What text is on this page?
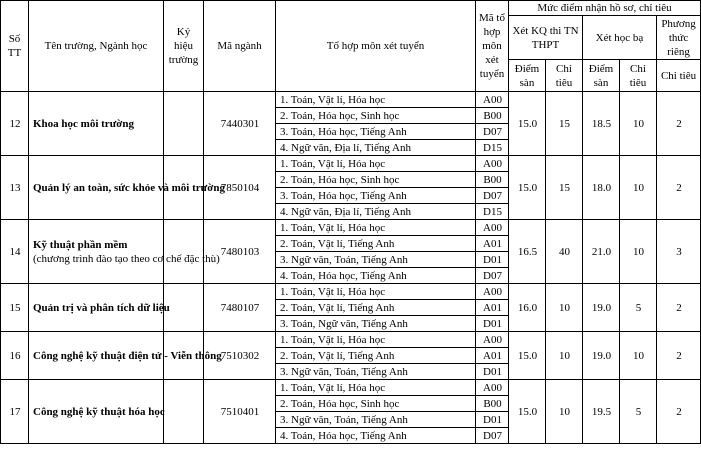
Số TT	Tên trường, Ngành học	Ký hiệu trường	Mã ngành	Tổ hợp môn xét tuyển	Mã tổ hợp môn xét tuyển	Mức điểm nhận hồ sơ, chỉ tiêu				
						Xét KQ thi TN THPT		Xét học bạ		Phương thức riêng
						Điểm sàn	Chỉ tiêu	Điểm sàn	Chỉ tiêu	Chỉ tiêu
12	Khoa học môi trường		7440301	1. Toán, Vật lí, Hóa học	A00	15.0	15	18.5	10	2
				2. Toán, Hóa học, Sinh học	B00					
				3. Toán, Hóa học, Tiếng Anh	D07					
				4. Ngữ văn, Địa lí, Tiếng Anh	D15					
13	Quản lý an toàn, sức khỏe và môi trường		7850104	1. Toán, Vật lí, Hóa học	A00	15.0	15	18.0	10	2
				2. Toán, Hóa học, Sinh học	B00					
				3. Toán, Hóa học, Tiếng Anh	D07					
				4. Ngữ văn, Địa lí, Tiếng Anh	D15					
14	Kỹ thuật phần mềm
(chương trình đào tạo theo cơ chế đặc thù)		7480103	1. Toán, Vật lí, Hóa học	A00	16.5	40	21.0	10	3
				2. Toán, Vật lí, Tiếng Anh	A01					
				3. Ngữ văn, Toán, Tiếng Anh	D01					
				4. Toán, Hóa học, Tiếng Anh	D07					
15	Quản trị và phân tích dữ liệu		7480107	1. Toán, Vật lí, Hóa học	A00	16.0	10	19.0	5	2
				2. Toán, Vật lí, Tiếng Anh	A01					
				3. Toán, Ngữ văn, Tiếng Anh	D01					
16	Công nghệ kỹ thuật điện tử - Viễn thông		7510302	1. Toán, Vật lí, Hóa học	A00	15.0	10	19.0	10	2
				2. Toán, Vật lí, Tiếng Anh	A01					
				3. Ngữ văn, Toán, Tiếng Anh	D01					
17	Công nghệ kỹ thuật hóa học		7510401	1. Toán, Vật lí, Hóa học	A00	15.0	10	19.5	5	2
				2. Toán, Hóa học, Sinh học	B00					
				3. Ngữ văn, Toán, Tiếng Anh	D01					
				4. Toán, Hóa học, Tiếng Anh	D07					
